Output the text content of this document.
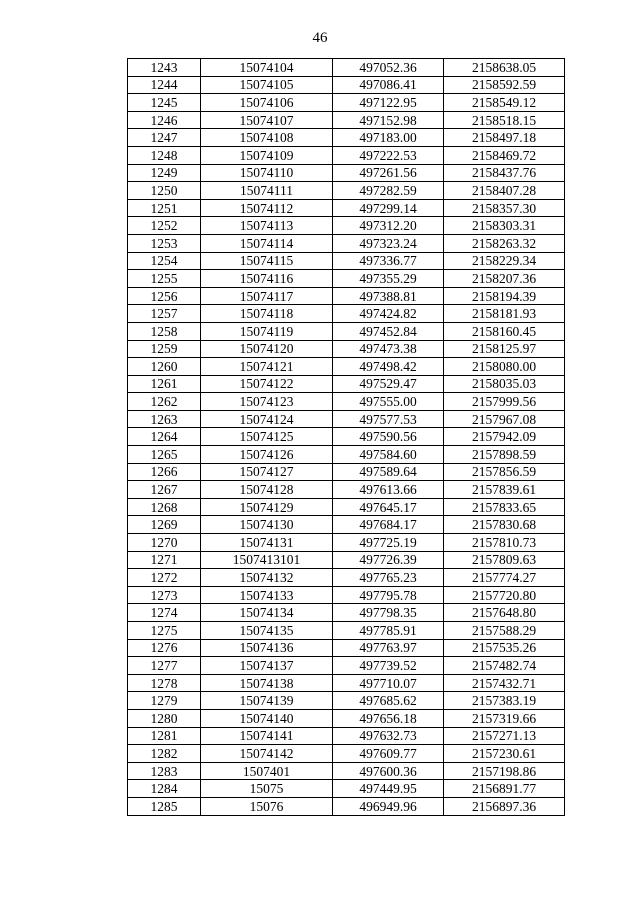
46
1243	15074104	497052.36	2158638.05
1244	15074105	497086.41	2158592.59
1245	15074106	497122.95	2158549.12
1246	15074107	497152.98	2158518.15
1247	15074108	497183.00	2158497.18
1248	15074109	497222.53	2158469.72
1249	15074110	497261.56	2158437.76
1250	15074111	497282.59	2158407.28
1251	15074112	497299.14	2158357.30
1252	15074113	497312.20	2158303.31
1253	15074114	497323.24	2158263.32
1254	15074115	497336.77	2158229.34
1255	15074116	497355.29	2158207.36
1256	15074117	497388.81	2158194.39
1257	15074118	497424.82	2158181.93
1258	15074119	497452.84	2158160.45
1259	15074120	497473.38	2158125.97
1260	15074121	497498.42	2158080.00
1261	15074122	497529.47	2158035.03
1262	15074123	497555.00	2157999.56
1263	15074124	497577.53	2157967.08
1264	15074125	497590.56	2157942.09
1265	15074126	497584.60	2157898.59
1266	15074127	497589.64	2157856.59
1267	15074128	497613.66	2157839.61
1268	15074129	497645.17	2157833.65
1269	15074130	497684.17	2157830.68
1270	15074131	497725.19	2157810.73
1271	1507413101	497726.39	2157809.63
1272	15074132	497765.23	2157774.27
1273	15074133	497795.78	2157720.80
1274	15074134	497798.35	2157648.80
1275	15074135	497785.91	2157588.29
1276	15074136	497763.97	2157535.26
1277	15074137	497739.52	2157482.74
1278	15074138	497710.07	2157432.71
1279	15074139	497685.62	2157383.19
1280	15074140	497656.18	2157319.66
1281	15074141	497632.73	2157271.13
1282	15074142	497609.77	2157230.61
1283	1507401	497600.36	2157198.86
1284	15075	497449.95	2156891.77
1285	15076	496949.96	2156897.36
